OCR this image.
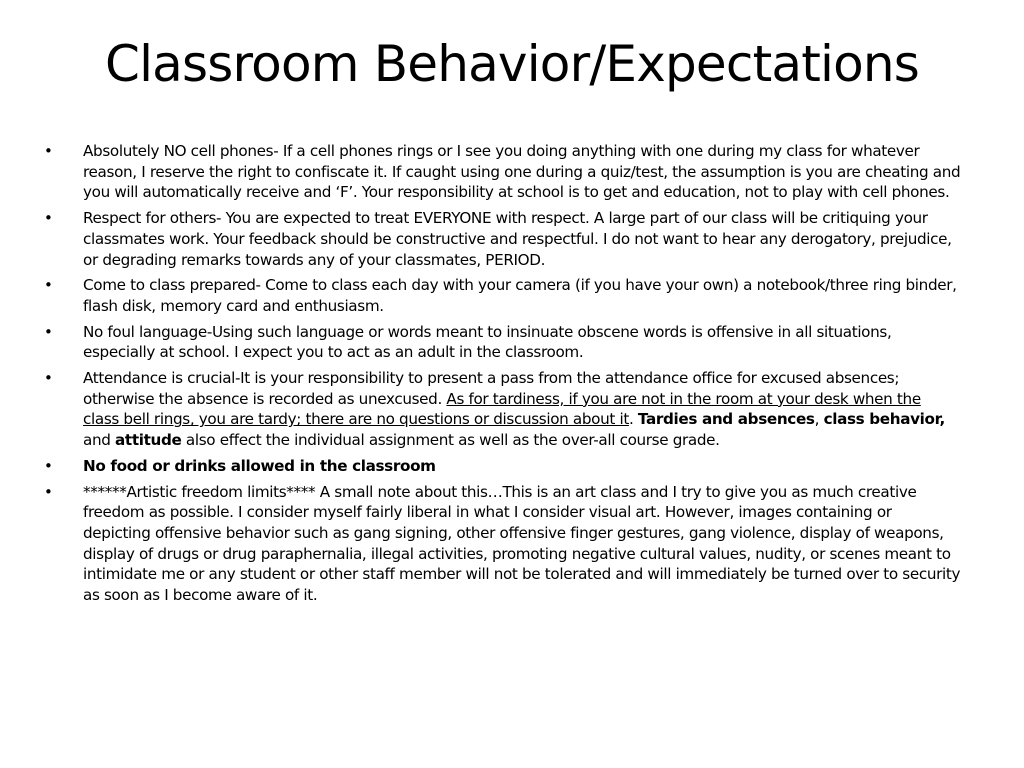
Classroom Behavior/Expectations
• Absolutely NO cell phones- If a cell phones rings or I see you doing anything with one during my class for whatever reason, I reserve the right to confiscate it. If caught using one during a quiz/test, the assumption is you are cheating and you will automatically receive and ‘F’. Your responsibility at school is to get and education, not to play with cell phones.
• Respect for others- You are expected to treat EVERYONE with respect. A large part of our class will be critiquing your classmates work. Your feedback should be constructive and respectful. I do not want to hear any derogatory, prejudice, or degrading remarks towards any of your classmates, PERIOD.
• Come to class prepared- Come to class each day with your camera (if you have your own) a notebook/three ring binder, flash disk, memory card and enthusiasm.
• No foul language-Using such language or words meant to insinuate obscene words is offensive in all situations, especially at school. I expect you to act as an adult in the classroom.
• Attendance is crucial-It is your responsibility to present a pass from the attendance office for excused absences; otherwise the absence is recorded as unexcused. As for tardiness, if you are not in the room at your desk when the class bell rings, you are tardy; there are no questions or discussion about it. Tardies and absences, class behavior, and attitude also effect the individual assignment as well as the over-all course grade.
• No food or drinks allowed in the classroom
• ******Artistic freedom limits**** A small note about this…This is an art class and I try to give you as much creative freedom as possible. I consider myself fairly liberal in what I consider visual art. However, images containing or depicting offensive behavior such as gang signing, other offensive finger gestures, gang violence, display of weapons, display of drugs or drug paraphernalia, illegal activities, promoting negative cultural values, nudity, or scenes meant to intimidate me or any student or other staff member will not be tolerated and will immediately be turned over to security as soon as I become aware of it.
